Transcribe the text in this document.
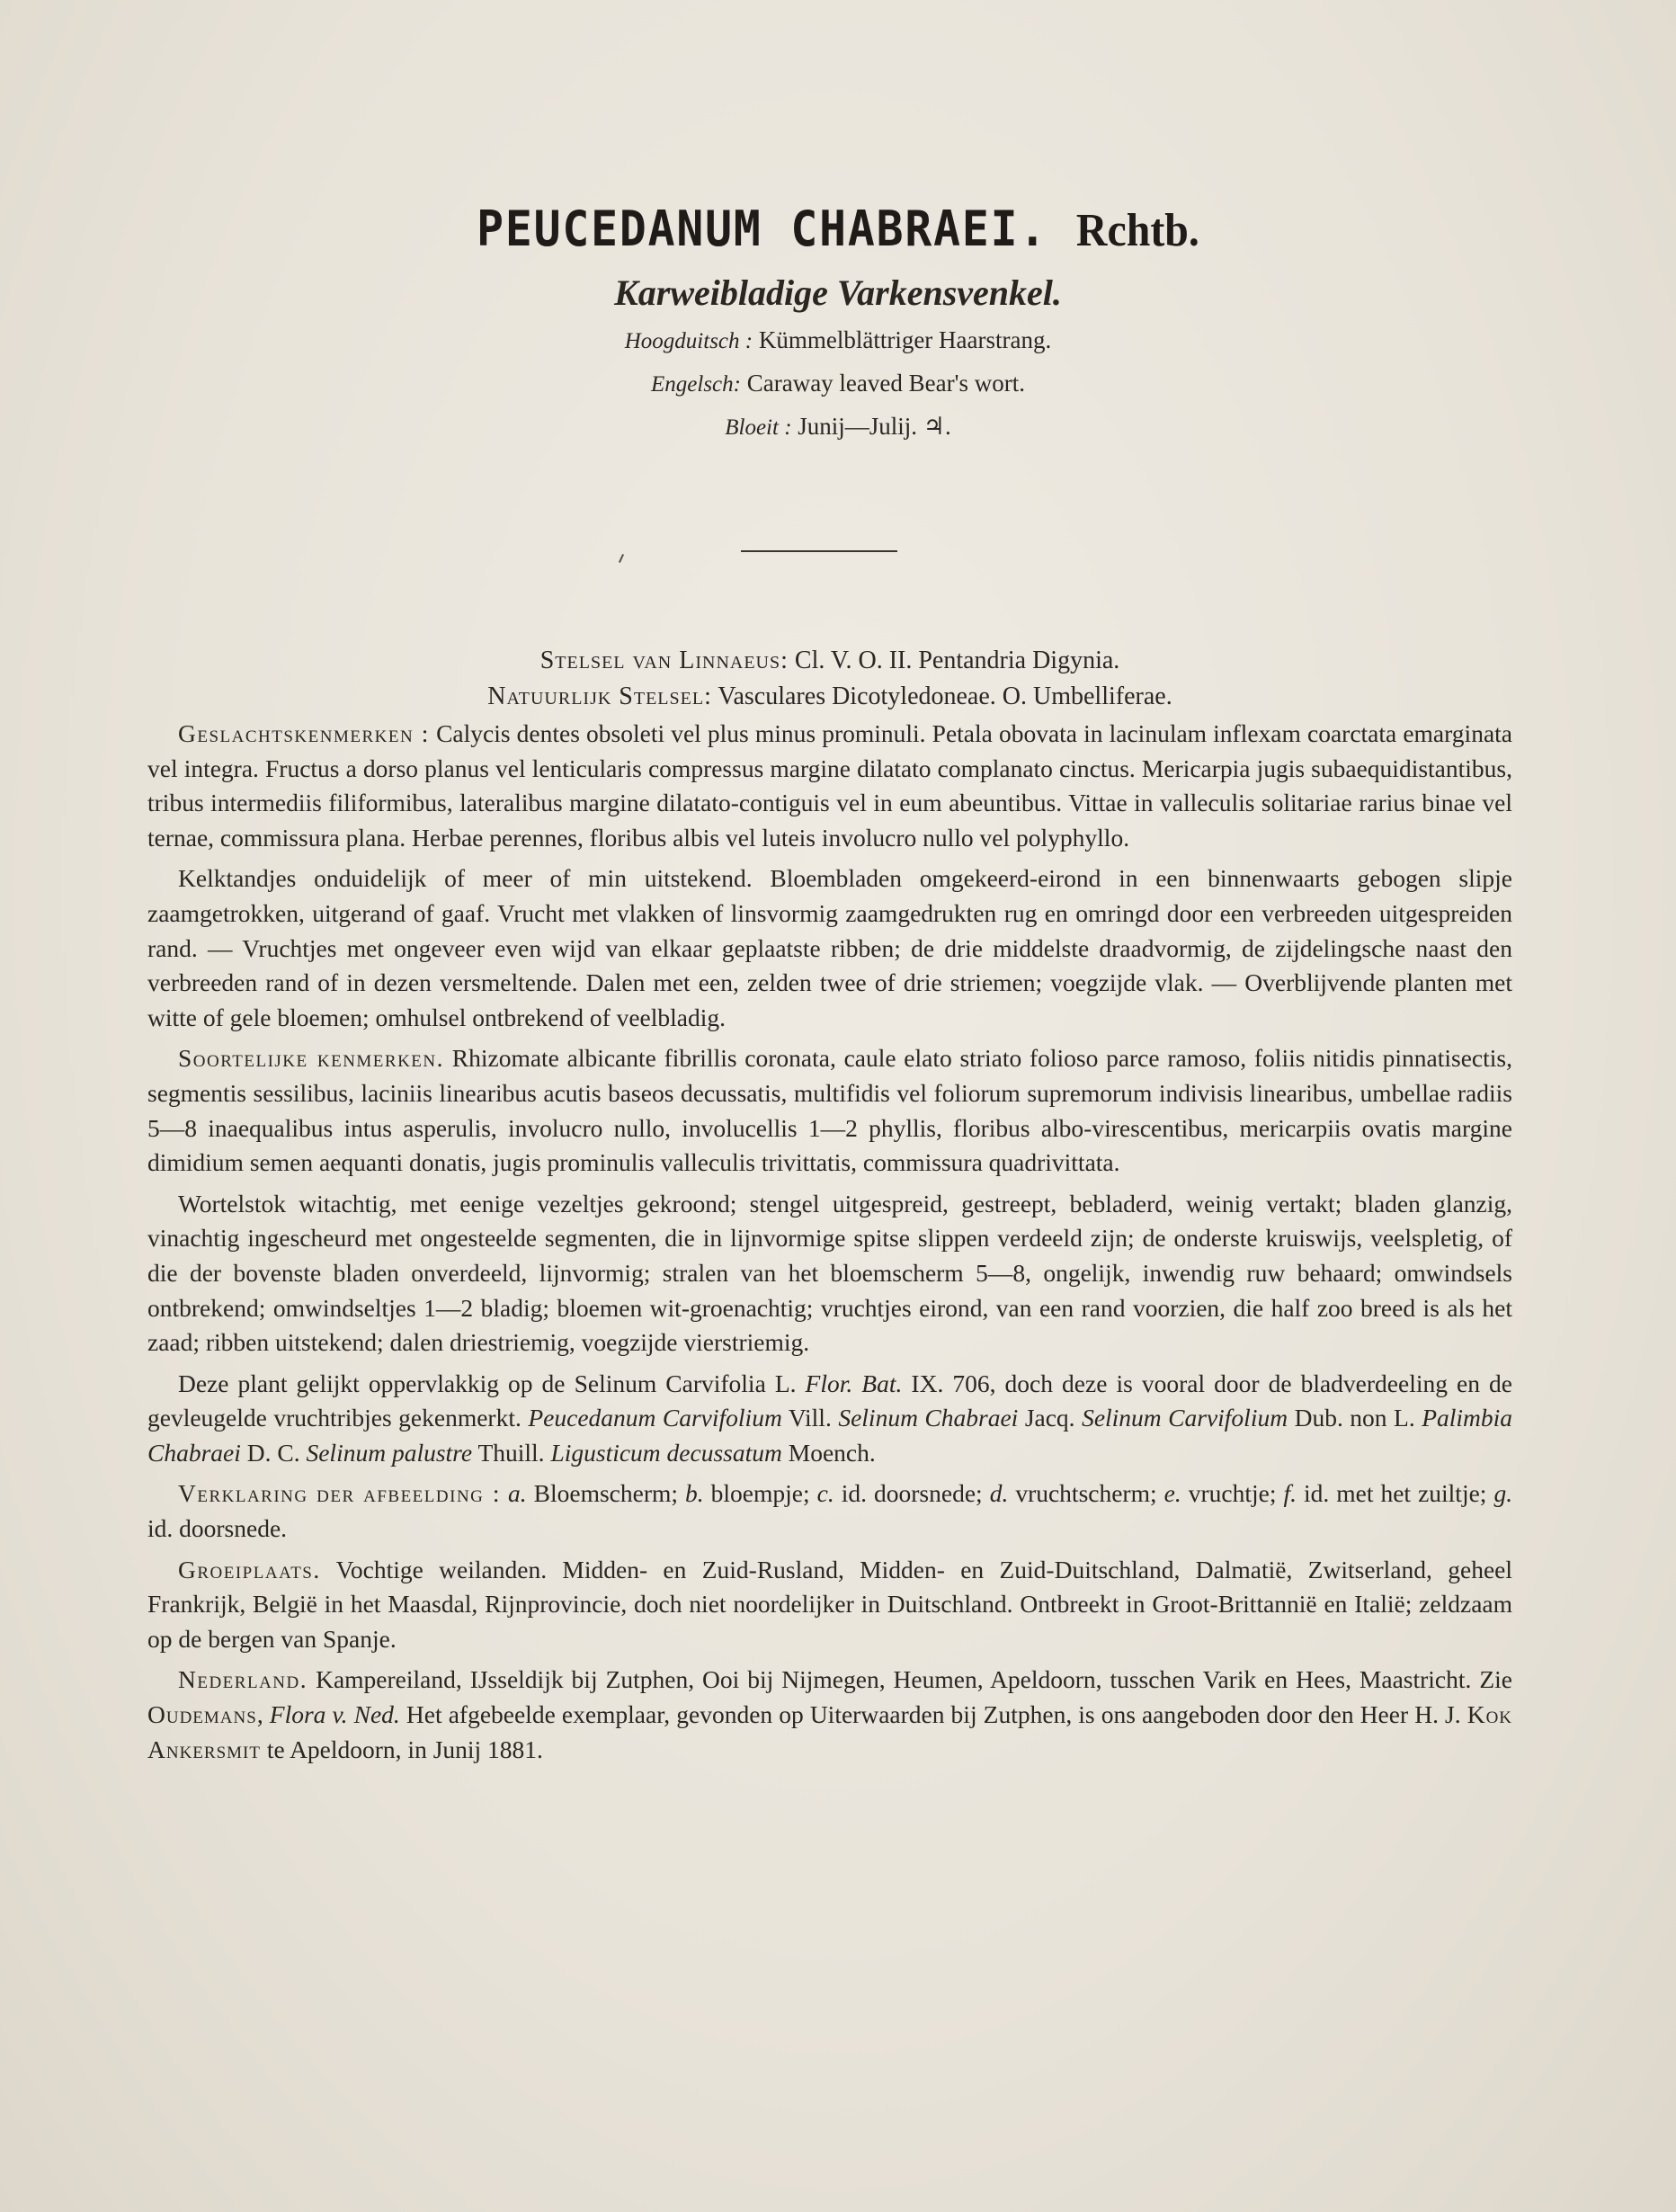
PEUCEDANUM CHABRAEI. Rchtb.

Karweibladige Varkensvenkel.

Hoogduitsch : Kümmelblättriger Haarstrang.

Engelsch: Caraway leaved Bear's wort.

Bloeit : Junij—Julij. ♃.

Stelsel van Linnaeus: Cl. V. O. II. Pentandria Digynia.

Natuurlijk Stelsel: Vasculares Dicotyledoneae. O. Umbelliferae.

Geslachtskenmerken : Calycis dentes obsoleti vel plus minus prominuli. Petala obovata in lacinulam inflexam coarctata emarginata vel integra. Fructus a dorso planus vel lenticularis compressus margine dilatato complanato cinctus. Mericarpia jugis subaequidistantibus, tribus intermediis filiformibus, lateralibus margine dilatato-contiguis vel in eum abeuntibus. Vittae in valleculis solitariae rarius binae vel ternae, commissura plana. Herbae perennes, floribus albis vel luteis involucro nullo vel polyphyllo.

Kelktandjes onduidelijk of meer of min uitstekend. Bloembladen omgekeerd-eirond in een binnenwaarts gebogen slipje zaamgetrokken, uitgerand of gaaf. Vrucht met vlakken of linsvormig zaamgedrukten rug en omringd door een verbreeden uitgespreiden rand. — Vruchtjes met ongeveer even wijd van elkaar geplaatste ribben; de drie middelste draadvormig, de zijdelingsche naast den verbreeden rand of in dezen versmeltende. Dalen met een, zelden twee of drie striemen; voegzijde vlak. — Overblijvende planten met witte of gele bloemen; omhulsel ontbrekend of veelbladig.

Soortelijke kenmerken. Rhizomate albicante fibrillis coronata, caule elato striato folioso parce ramoso, foliis nitidis pinnatisectis, segmentis sessilibus, laciniis linearibus acutis baseos decussatis, multifidis vel foliorum supremorum indivisis linearibus, umbellae radiis 5—8 inaequalibus intus asperulis, involucro nullo, involucellis 1—2 phyllis, floribus albo-virescentibus, mericarpiis ovatis margine dimidium semen aequanti donatis, jugis prominulis valleculis trivittatis, commissura quadrivittata.

Wortelstok witachtig, met eenige vezeltjes gekroond; stengel uitgespreid, gestreept, bebladerd, weinig vertakt; bladen glanzig, vinachtig ingescheurd met ongesteelde segmenten, die in lijnvormige spitse slippen verdeeld zijn; de onderste kruiswijs, veelspletig, of die der bovenste bladen onverdeeld, lijnvormig; stralen van het bloemscherm 5—8, ongelijk, inwendig ruw behaard; omwindsels ontbrekend; omwindseltjes 1—2 bladig; bloemen wit-groenachtig; vruchtjes eirond, van een rand voorzien, die half zoo breed is als het zaad; ribben uitstekend; dalen driestriemig, voegzijde vierstriemig.

Deze plant gelijkt oppervlakkig op de Selinum Carvifolia L. Flor. Bat. IX. 706, doch deze is vooral door de bladverdeeling en de gevleugelde vruchtribjes gekenmerkt. Peucedanum Carvifolium Vill. Selinum Chabraei Jacq. Selinum Carvifolium Dub. non L. Palimbia Chabraei D. C. Selinum palustre Thuill. Ligusticum decussatum Moench.

Verklaring der afbeelding : a. Bloemscherm; b. bloempje; c. id. doorsnede; d. vruchtscherm; e. vruchtje; f. id. met het zuiltje; g. id. doorsnede.

Groeiplaats. Vochtige weilanden. Midden- en Zuid-Rusland, Midden- en Zuid-Duitschland, Dalmatië, Zwitserland, geheel Frankrijk, België in het Maasdal, Rijnprovincie, doch niet noordelijker in Duitschland. Ontbreekt in Groot-Brittannië en Italië; zeldzaam op de bergen van Spanje.

Nederland. Kampereiland, IJsseldijk bij Zutphen, Ooi bij Nijmegen, Heumen, Apeldoorn, tusschen Varik en Hees, Maastricht. Zie Oudemans, Flora v. Ned. Het afgebeelde exemplaar, gevonden op Uiterwaarden bij Zutphen, is ons aangeboden door den Heer H. J. Kok Ankersmit te Apeldoorn, in Junij 1881.
